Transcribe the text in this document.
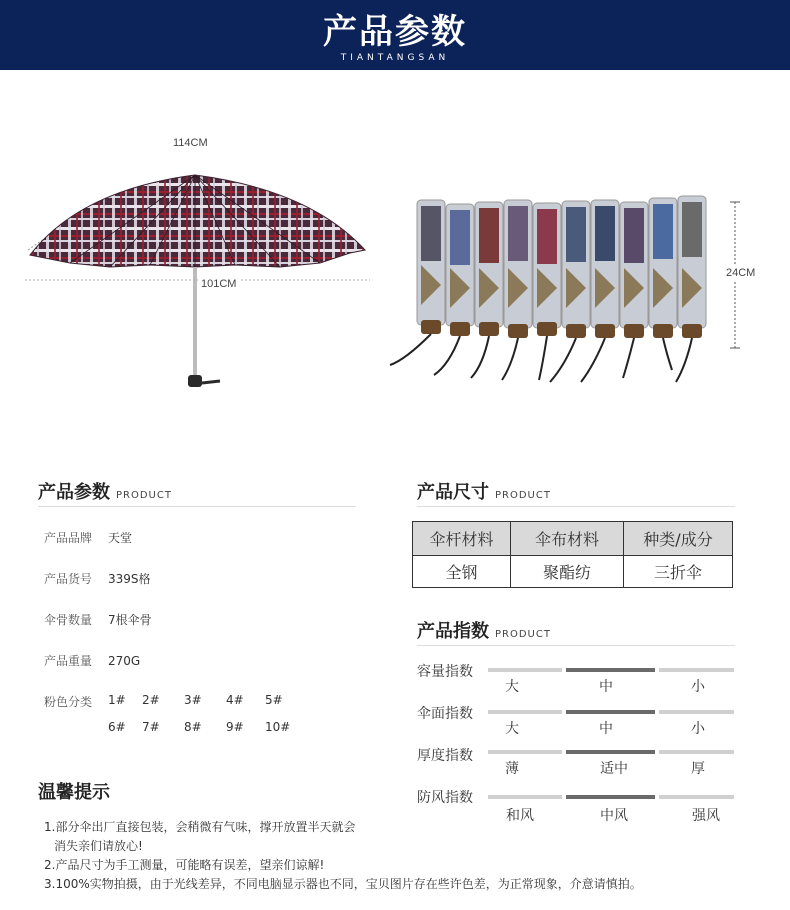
产品参数
TIANTANGSAN
114CM
101CM
24CM
产品参数 PRODUCT
产品品牌 天堂
产品货号 339S格
伞骨数量 7根伞骨
产品重量 270G
粉色分类	1# 2# 3# 4# 5#
6# 7# 8# 9# 10#
产品尺寸 PRODUCT
伞杆材料	伞布材料	种类/成分
全钢	聚酯纺	三折伞
产品指数 PRODUCT
容量指数
大	中	小
伞面指数
大	中	小
厚度指数
薄	适中	厚
防风指数
和风	中风	强风
温馨提示
1.部分伞出厂直接包装，会稍微有气味，撑开放置半天就会
消失亲们请放心!
2.产品尺寸为手工测量，可能略有误差，望亲们谅解!
3.100%实物拍摄，由于光线差异，不同电脑显示器也不同，宝贝图片存在些许色差，为正常现象，介意请慎拍。
